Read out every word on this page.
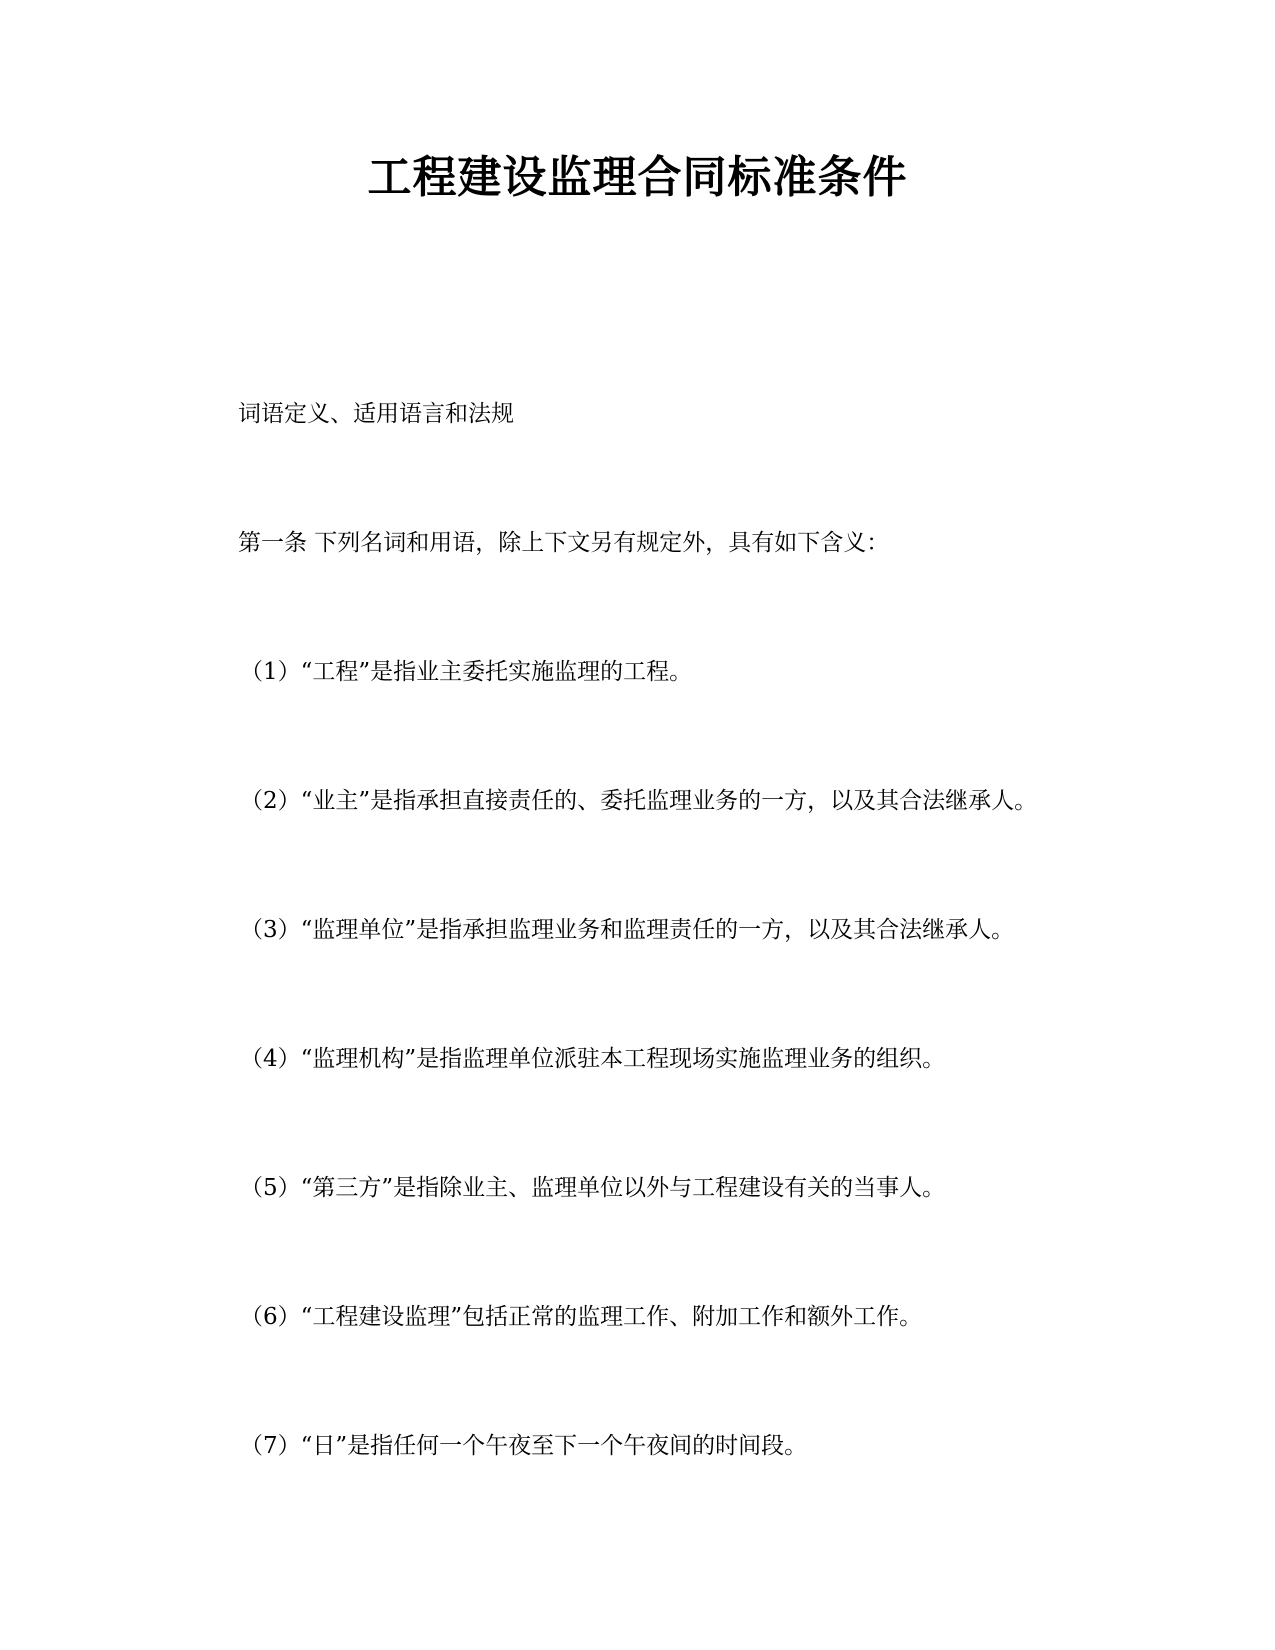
工程建设监理合同标准条件

词语定义、适用语言和法规

第一条 下列名词和用语，除上下文另有规定外，具有如下含义：

（1）“工程”是指业主委托实施监理的工程。

（2）“业主”是指承担直接责任的、委托监理业务的一方，以及其合法继承人。

（3）“监理单位”是指承担监理业务和监理责任的一方，以及其合法继承人。

（4）“监理机构”是指监理单位派驻本工程现场实施监理业务的组织。

（5）“第三方”是指除业主、监理单位以外与工程建设有关的当事人。

（6）“工程建设监理”包括正常的监理工作、附加工作和额外工作。

（7）“日”是指任何一个午夜至下一个午夜间的时间段。
